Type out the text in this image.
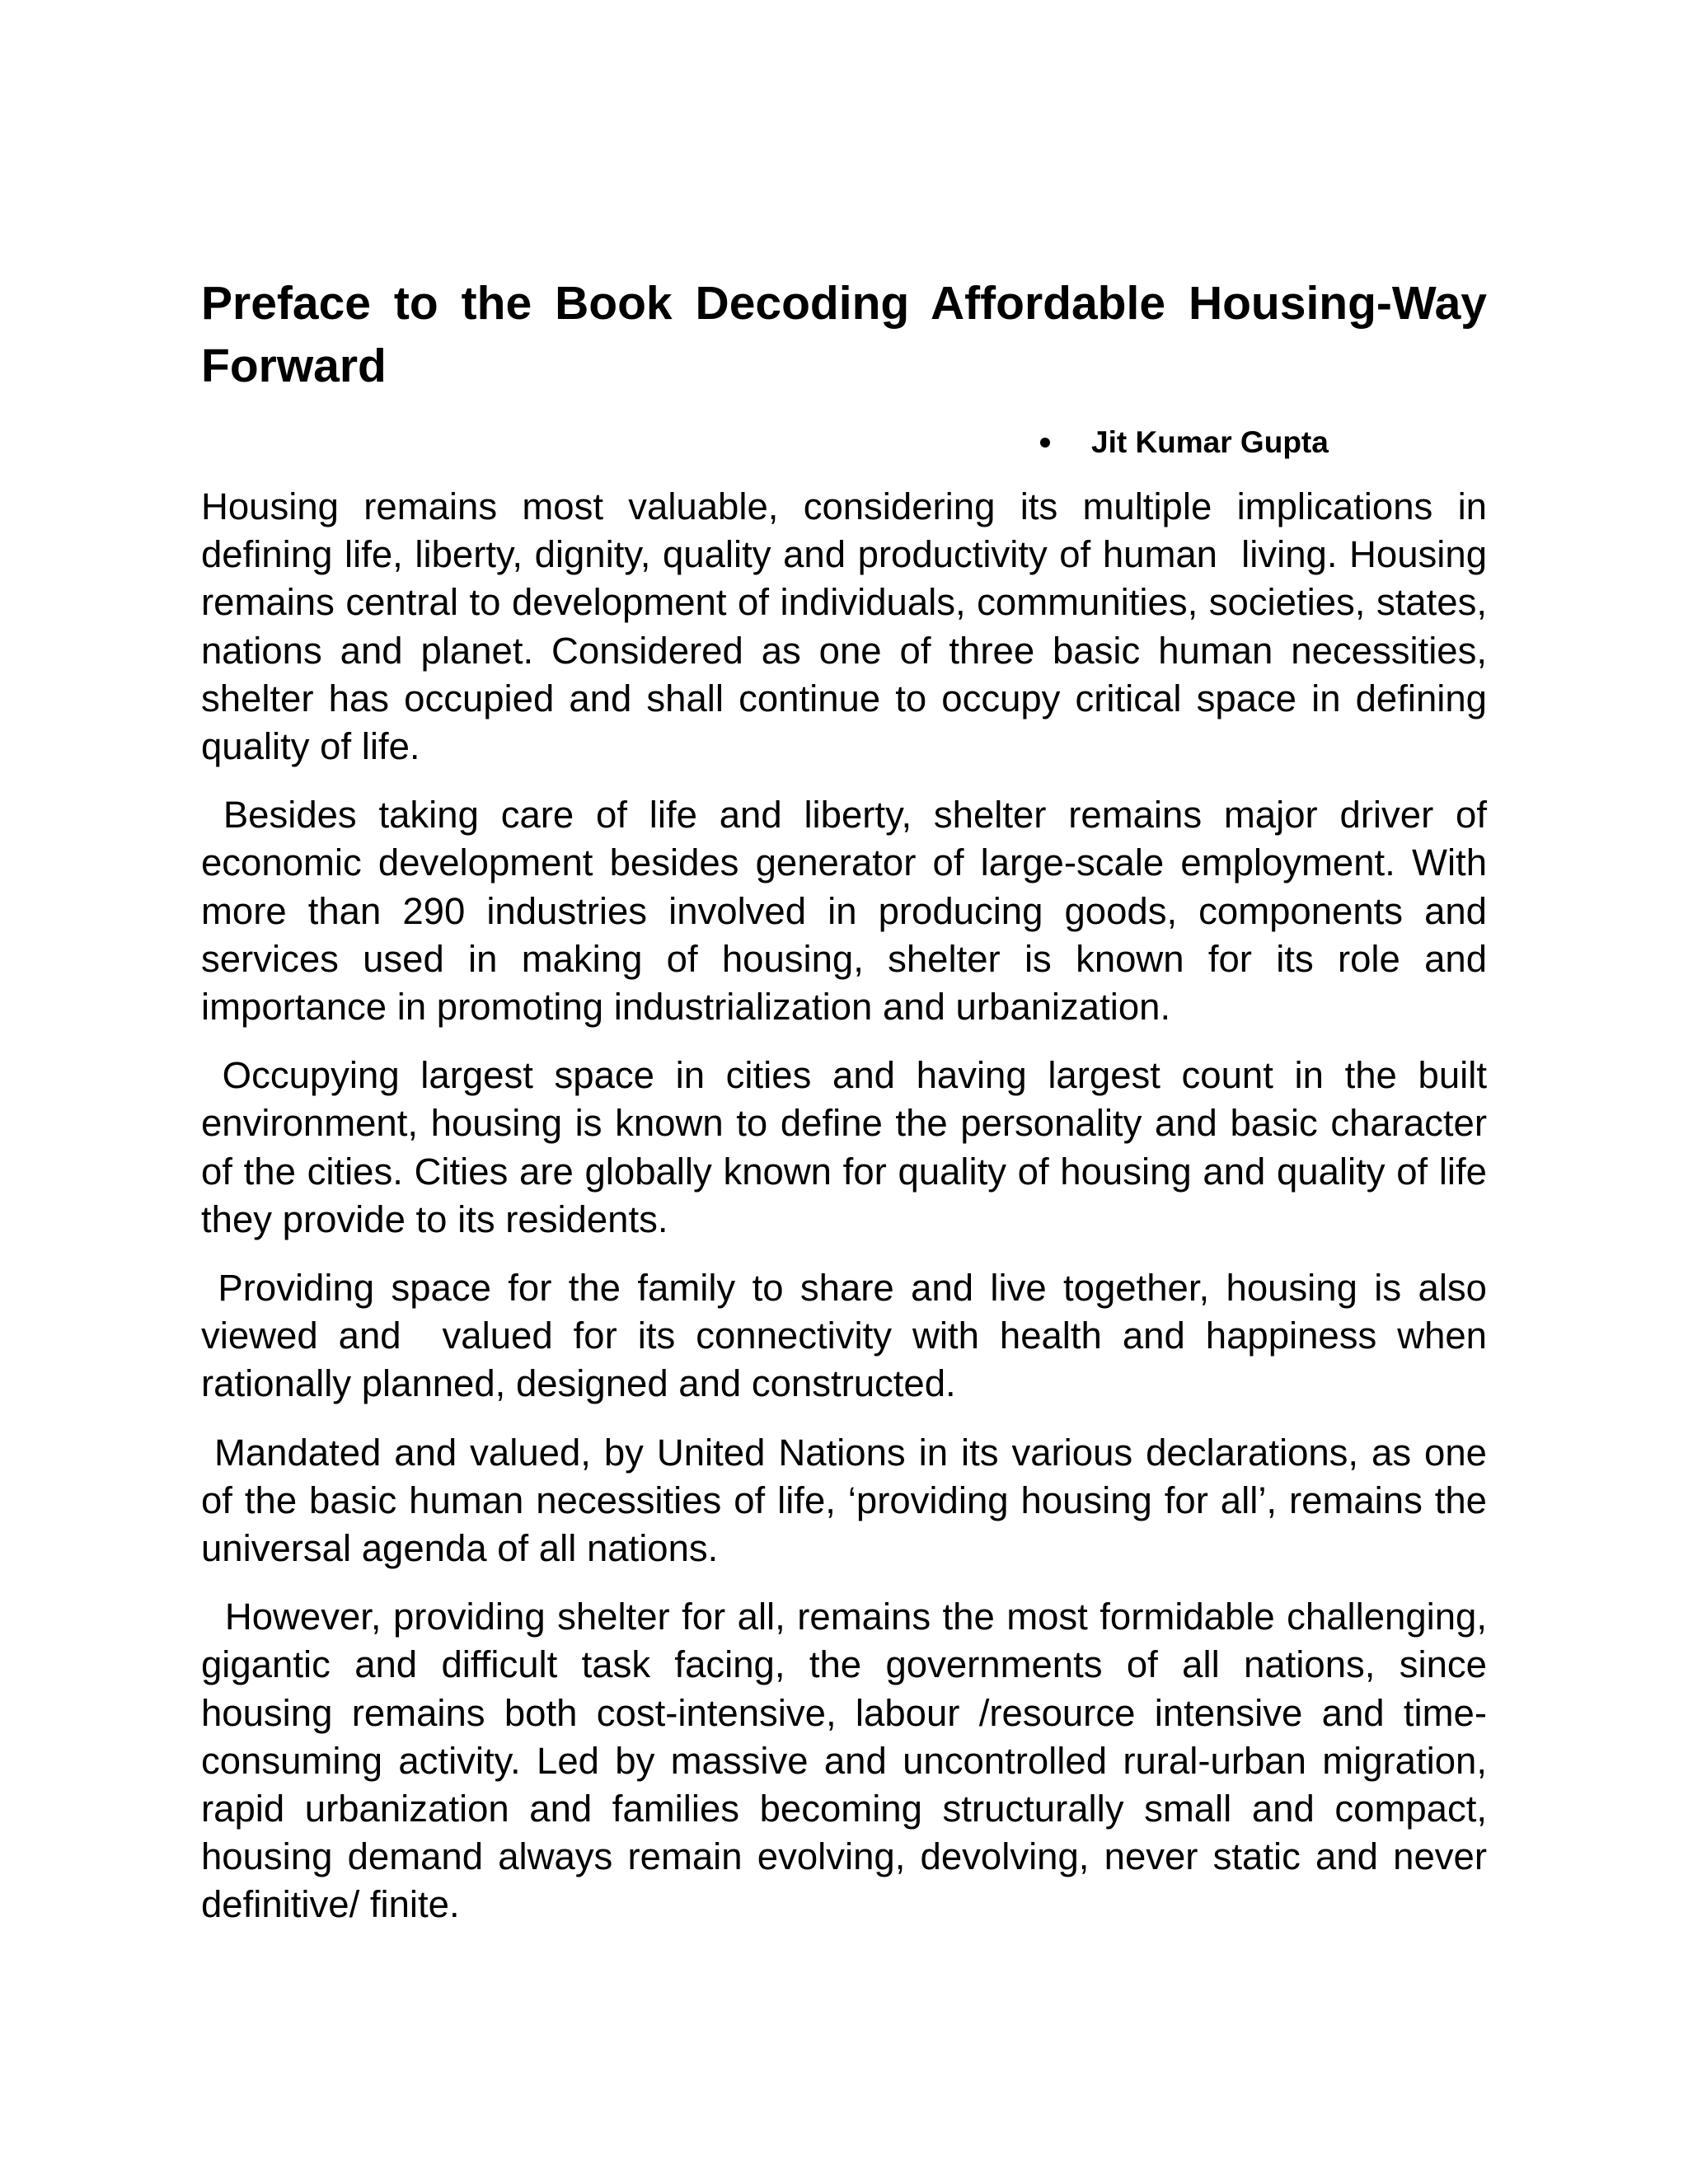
Preface to the Book Decoding Affordable Housing-Way Forward
Jit Kumar Gupta

Housing remains most valuable, considering its multiple implications in defining life, liberty, dignity, quality and productivity of human  living. Housing remains central to development of individuals, communities, societies, states, nations and planet. Considered as one of three basic human necessities, shelter has occupied and shall continue to occupy critical space in defining quality of life.

Besides taking care of life and liberty, shelter remains major driver of economic development besides generator of large-scale employment. With more than 290 industries involved in producing goods, components and services used in making of housing, shelter is known for its role and importance in promoting industrialization and urbanization.

Occupying largest space in cities and having largest count in the built environment, housing is known to define the personality and basic character of the cities. Cities are globally known for quality of housing and quality of life they provide to its residents.

Providing space for the family to share and live together, housing is also viewed and  valued for its connectivity with health and happiness when rationally planned, designed and constructed.

Mandated and valued, by United Nations in its various declarations, as one of the basic human necessities of life, ‘providing housing for all’, remains the universal agenda of all nations.

However, providing shelter for all, remains the most formidable challenging, gigantic and difficult task facing, the governments of all nations, since housing remains both cost-intensive, labour /resource intensive and time- consuming activity. Led by massive and uncontrolled rural-urban migration, rapid urbanization and families becoming structurally small and compact, housing demand always remain evolving, devolving, never static and never definitive/ finite.
